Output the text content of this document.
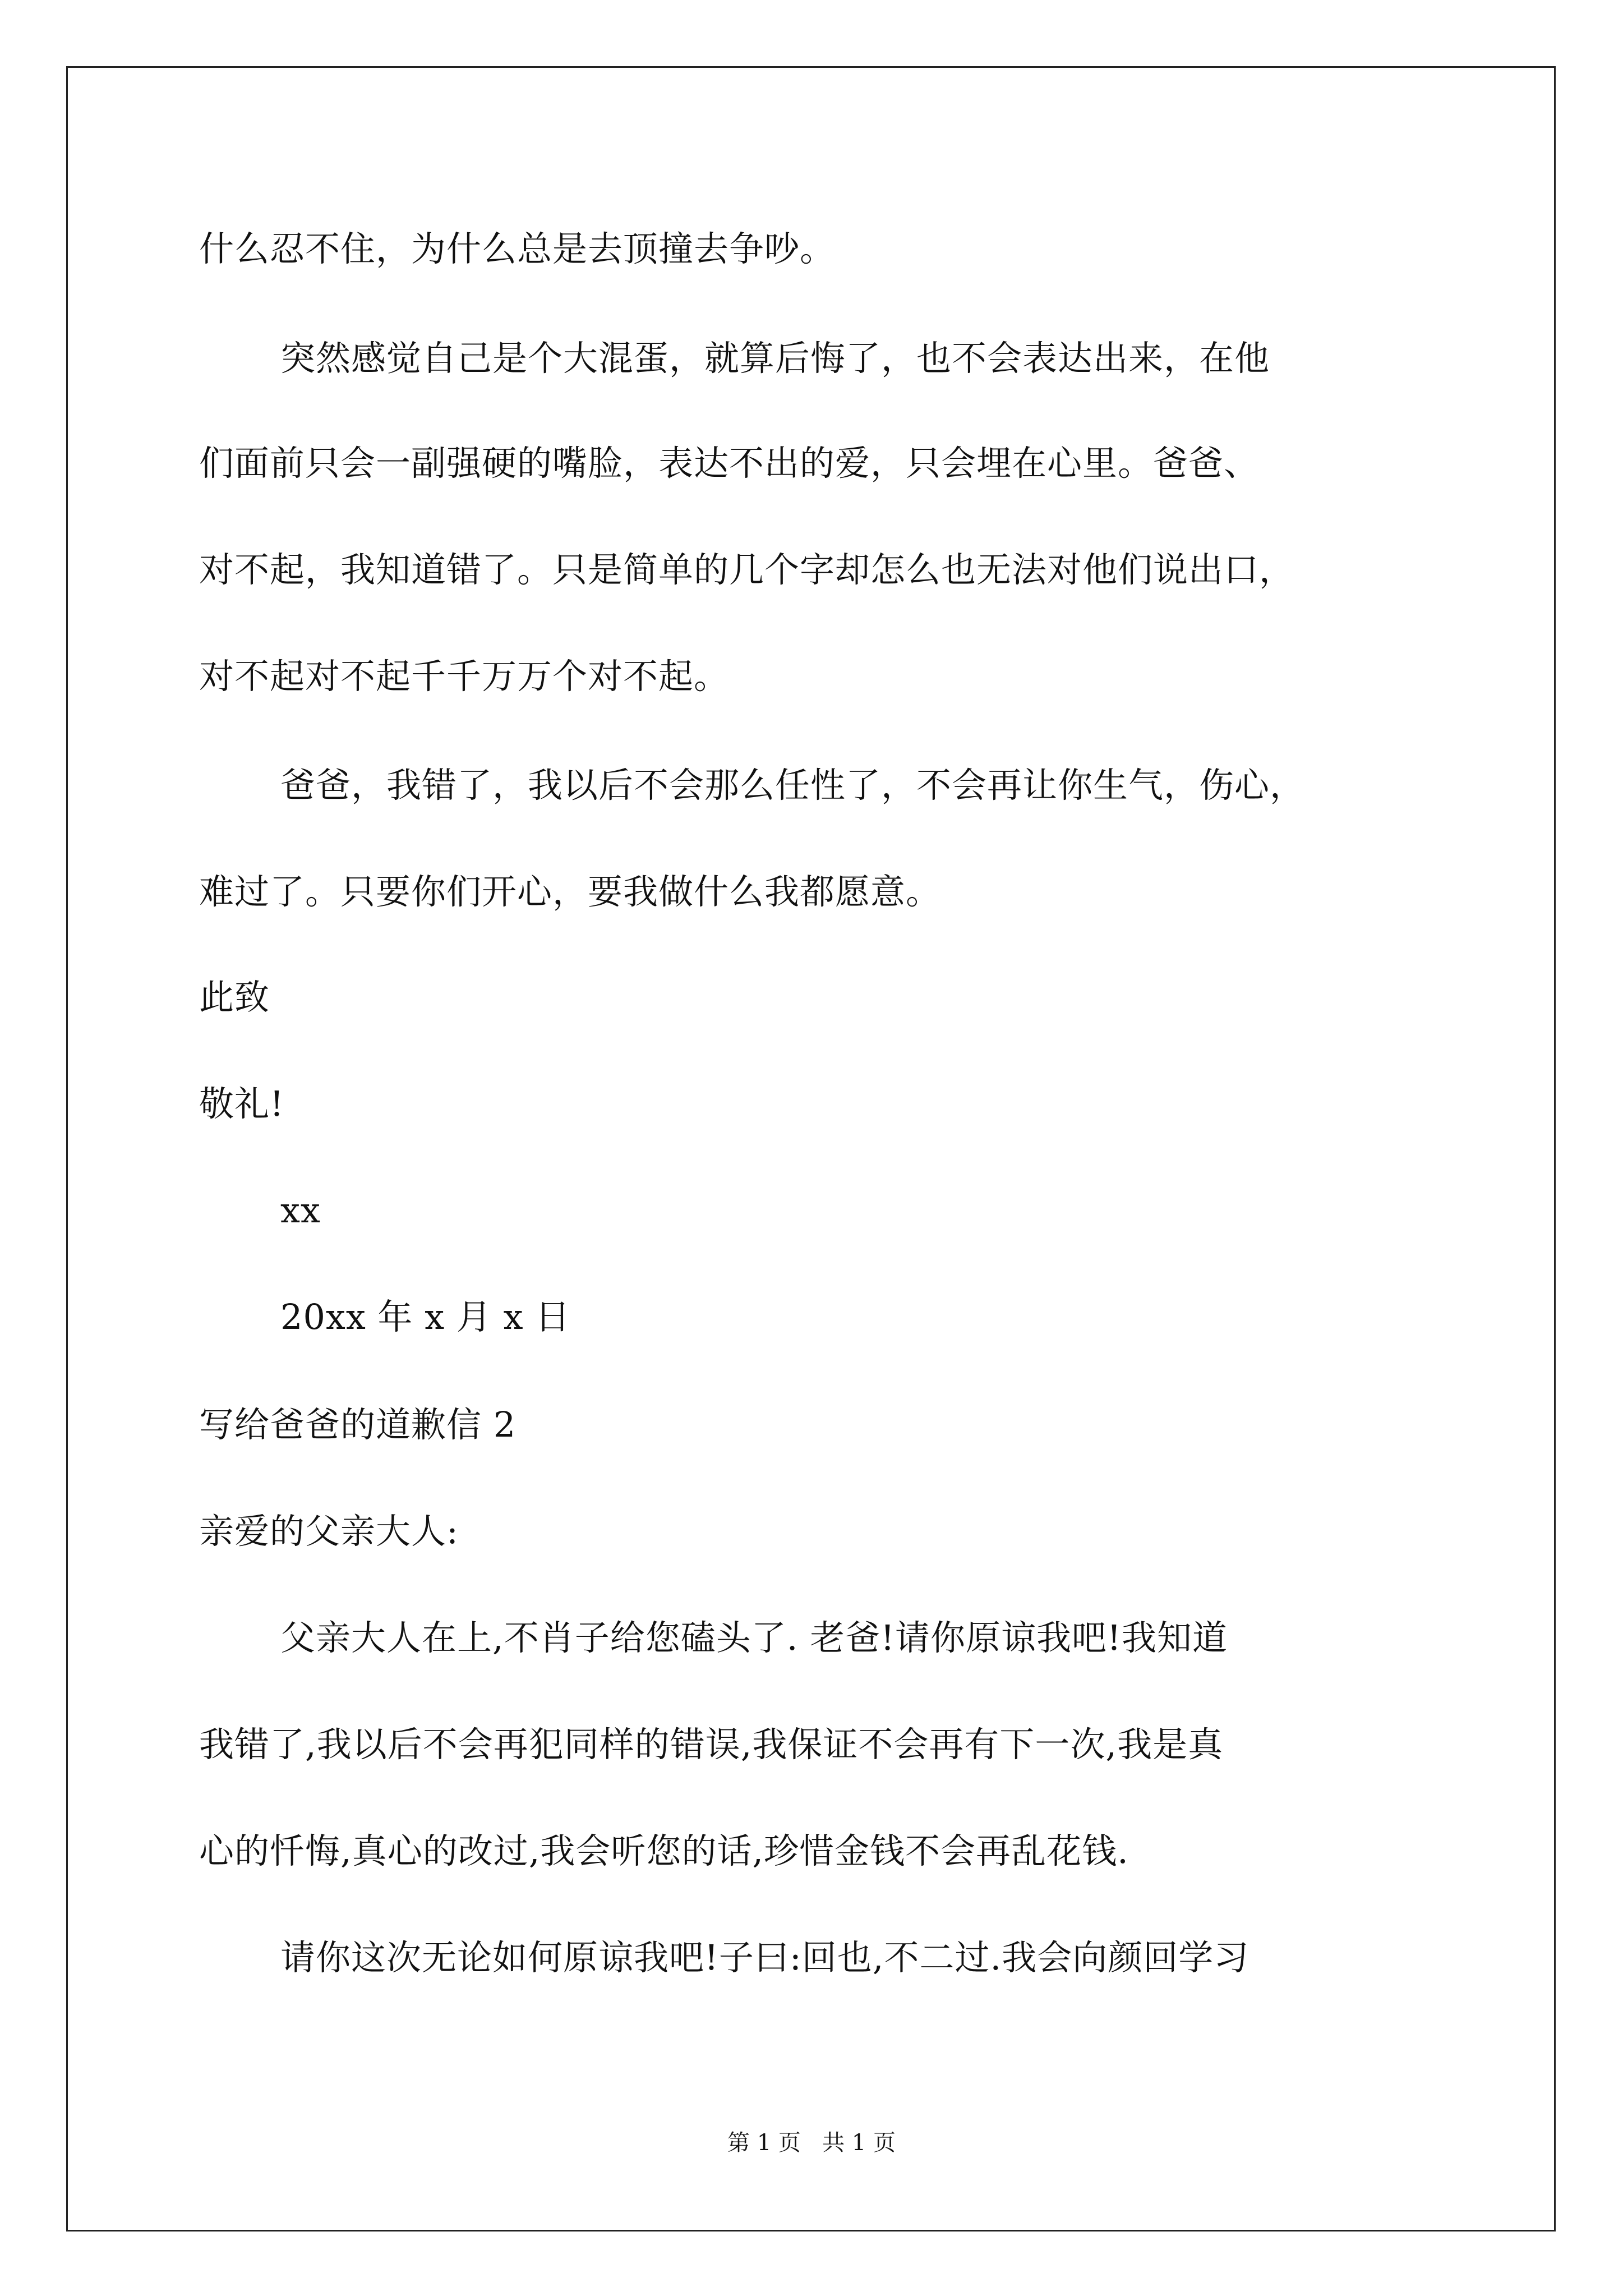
什么忍不住，为什么总是去顶撞去争吵。
突然感觉自己是个大混蛋，就算后悔了，也不会表达出来，在他
们面前只会一副强硬的嘴脸，表达不出的爱，只会埋在心里。爸爸、
对不起，我知道错了。只是简单的几个字却怎么也无法对他们说出口，
对不起对不起千千万万个对不起。
爸爸，我错了，我以后不会那么任性了，不会再让你生气，伤心，
难过了。只要你们开心，要我做什么我都愿意。
此致
敬礼!
xx
20xx 年 x 月 x 日
写给爸爸的道歉信 2
亲爱的父亲大人:
父亲大人在上,不肖子给您磕头了. 老爸!请你原谅我吧!我知道
我错了,我以后不会再犯同样的错误,我保证不会再有下一次,我是真
心的忏悔,真心的改过,我会听您的话,珍惜金钱不会再乱花钱.
请你这次无论如何原谅我吧!子曰:回也,不二过.我会向颜回学习
第 1 页   共 1 页
